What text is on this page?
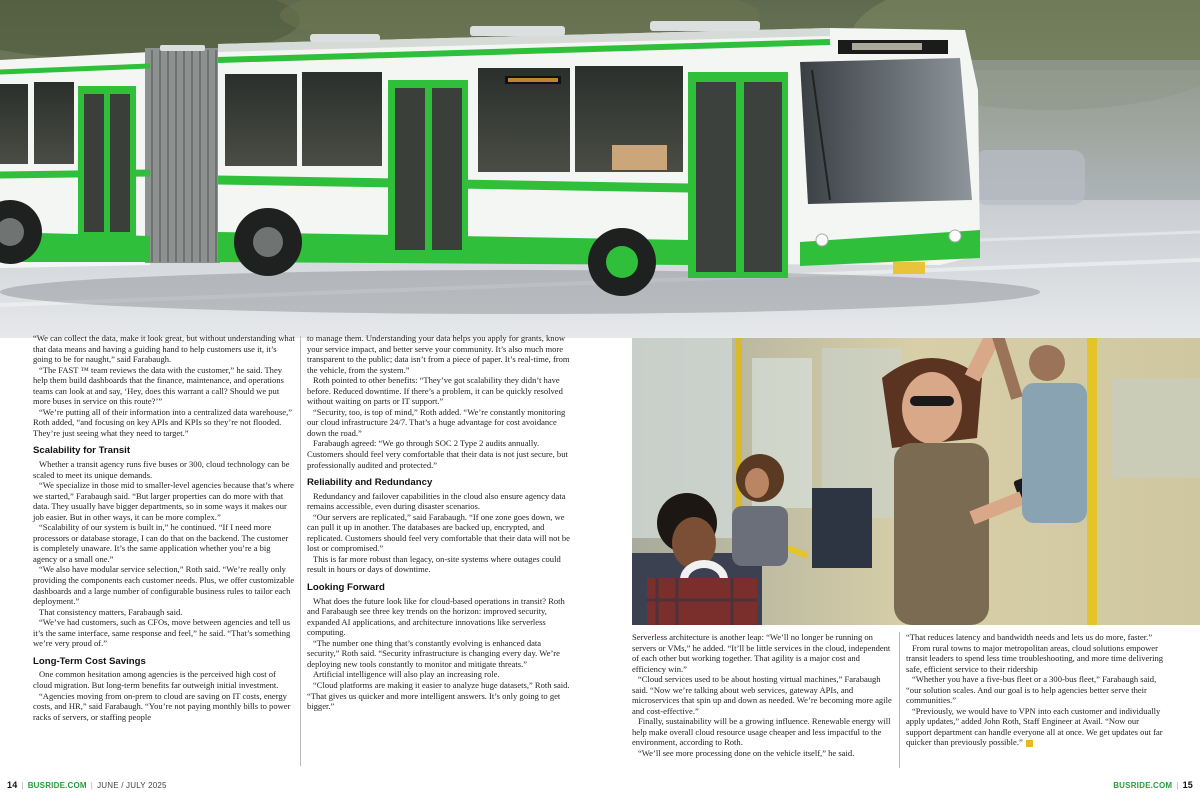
“We can collect the data, make it look great, but without understanding what that data means and having a guiding hand to help customers use it, it’s going to be for naught,” said Farabaugh.

“The FAST ™ team reviews the data with the customer,” he said. They help them build dashboards that the finance, maintenance, and operations teams can look at and say, ‘Hey, does this warrant a call? Should we put more buses in service on this route?’”

“We’re putting all of their information into a centralized data warehouse,” Roth added, “and focusing on key APIs and KPIs so they’re not flooded. They’re just seeing what they need to target.”

Scalability for Transit

Whether a transit agency runs five buses or 300, cloud technology can be scaled to meet its unique demands.

“We specialize in those mid to smaller-level agencies because that’s where we started,” Farabaugh said. “But larger properties can do more with that data. They usually have bigger departments, so in some ways it makes our job easier. But in other ways, it can be more complex.”

“Scalability of our system is built in,” he continued. “If I need more processors or database storage, I can do that on the backend. The customer is completely unaware. It’s the same application whether you’re a big agency or a small one.”

“We also have modular service selection,” Roth said. “We’re really only providing the components each customer needs. Plus, we offer customizable dashboards and a large number of configurable business rules to tailor each deployment.”

That consistency matters, Farabaugh said.

“We’ve had customers, such as CFOs, move between agencies and tell us it’s the same interface, same response and feel,” he said. “That’s something we’re very proud of.”

Long-Term Cost Savings

One common hesitation among agencies is the perceived high cost of cloud migration. But long-term benefits far outweigh initial investment.

“Agencies moving from on-prem to cloud are saving on IT costs, energy costs, and HR,” said Farabaugh. “You’re not paying monthly bills to power racks of servers, or staffing people

to manage them. Understanding your data helps you apply for grants, know your service impact, and better serve your community. It’s also much more transparent to the public; data isn’t from a piece of paper. It’s real-time, from the vehicle, from the system.”

Roth pointed to other benefits: “They’ve got scalability they didn’t have before. Reduced downtime. If there’s a problem, it can be quickly resolved without waiting on parts or IT support.”

“Security, too, is top of mind,” Roth added. “We’re constantly monitoring our cloud infrastructure 24/7. That’s a huge advantage for cost avoidance down the road.”

Farabaugh agreed: “We go through SOC 2 Type 2 audits annually. Customers should feel very comfortable that their data is not just secure, but professionally audited and protected.”

Reliability and Redundancy

Redundancy and failover capabilities in the cloud also ensure agency data remains accessible, even during disaster scenarios.

“Our servers are replicated,” said Farabaugh. “If one zone goes down, we can pull it up in another. The databases are backed up, encrypted, and replicated. Customers should feel very comfortable that their data will not be lost or compromised.”

This is far more robust than legacy, on-site systems where outages could result in hours or days of downtime.

Looking Forward

What does the future look like for cloud-based operations in transit? Roth and Farabaugh see three key trends on the horizon: improved security, expanded AI applications, and architecture innovations like serverless computing.

“The number one thing that’s constantly evolving is enhanced data security,” Roth said. “Security infrastructure is changing every day. We’re deploying new tools constantly to monitor and mitigate threats.”

Artificial intelligence will also play an increasing role.

“Cloud platforms are making it easier to analyze huge datasets,” Roth said. “That gives us quicker and more intelligent answers. It’s only going to get bigger.”

Serverless architecture is another leap: “We’ll no longer be running on servers or VMs,” he added. “It’ll be little services in the cloud, independent of each other but working together. That agility is a major cost and efficiency win.”

“Cloud services used to be about hosting virtual machines,” Farabaugh said. “Now we’re talking about web services, gateway APIs, and microservices that spin up and down as needed. We’re becoming more agile and cost-effective.”

Finally, sustainability will be a growing influence. Renewable energy will help make overall cloud resource usage cheaper and less impactful to the environment, according to Roth.

“We’ll see more processing done on the vehicle itself,” he said.

“That reduces latency and bandwidth needs and lets us do more, faster.”

From rural towns to major metropolitan areas, cloud solutions empower transit leaders to spend less time troubleshooting, and more time delivering safe, efficient service to their ridership

“Whether you have a five-bus fleet or a 300-bus fleet,” Farabaugh said, “our solution scales. And our goal is to help agencies better serve their communities.”

“Previously, we would have to VPN into each customer and individually apply updates,” added John Roth, Staff Engineer at Avail. “Now our support department can handle everyone all at once. We get updates out far quicker than previously possible.”

14 | BUSRIDE.COM | JUNE / JULY 2025	BUSRIDE.COM | 15
